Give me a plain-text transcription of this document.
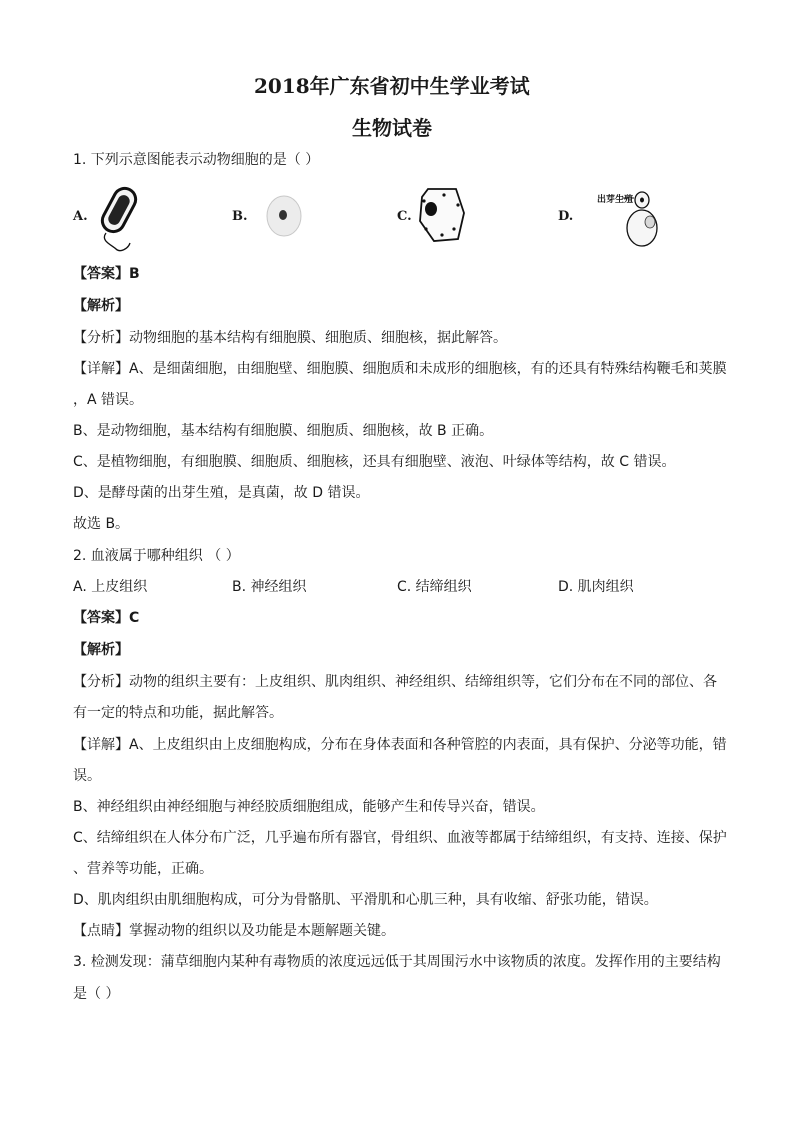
2018年广东省初中生学业考试
生物试卷
1. 下列示意图能表示动物细胞的是（ ）
A.	B.	C.	D.
出芽生殖
【答案】B
【解析】
【分析】动物细胞的基本结构有细胞膜、细胞质、细胞核，据此解答。
【详解】A、是细菌细胞，由细胞壁、细胞膜、细胞质和未成形的细胞核，有的还具有特殊结构鞭毛和荚膜
，A 错误。
B、是动物细胞，基本结构有细胞膜、细胞质、细胞核，故 B 正确。
C、是植物细胞，有细胞膜、细胞质、细胞核，还具有细胞壁、液泡、叶绿体等结构，故 C 错误。
D、是酵母菌的出芽生殖，是真菌，故 D 错误。
故选 B。
2. 血液属于哪种组织 （ ）
A. 上皮组织	B. 神经组织	C. 结缔组织	D. 肌肉组织
【答案】C
【解析】
【分析】动物的组织主要有：上皮组织、肌肉组织、神经组织、结缔组织等，它们分布在不同的部位、各
有一定的特点和功能，据此解答。
【详解】A、上皮组织由上皮细胞构成，分布在身体表面和各种管腔的内表面，具有保护、分泌等功能，错
误。
B、神经组织由神经细胞与神经胶质细胞组成，能够产生和传导兴奋，错误。
C、结缔组织在人体分布广泛，几乎遍布所有器官，骨组织、血液等都属于结缔组织，有支持、连接、保护
、营养等功能，正确。
D、肌肉组织由肌细胞构成，可分为骨骼肌、平滑肌和心肌三种，具有收缩、舒张功能，错误。
【点睛】掌握动物的组织以及功能是本题解题关键。
3. 检测发现：蒲草细胞内某种有毒物质的浓度远远低于其周围污水中该物质的浓度。发挥作用的主要结构
是（ ）
